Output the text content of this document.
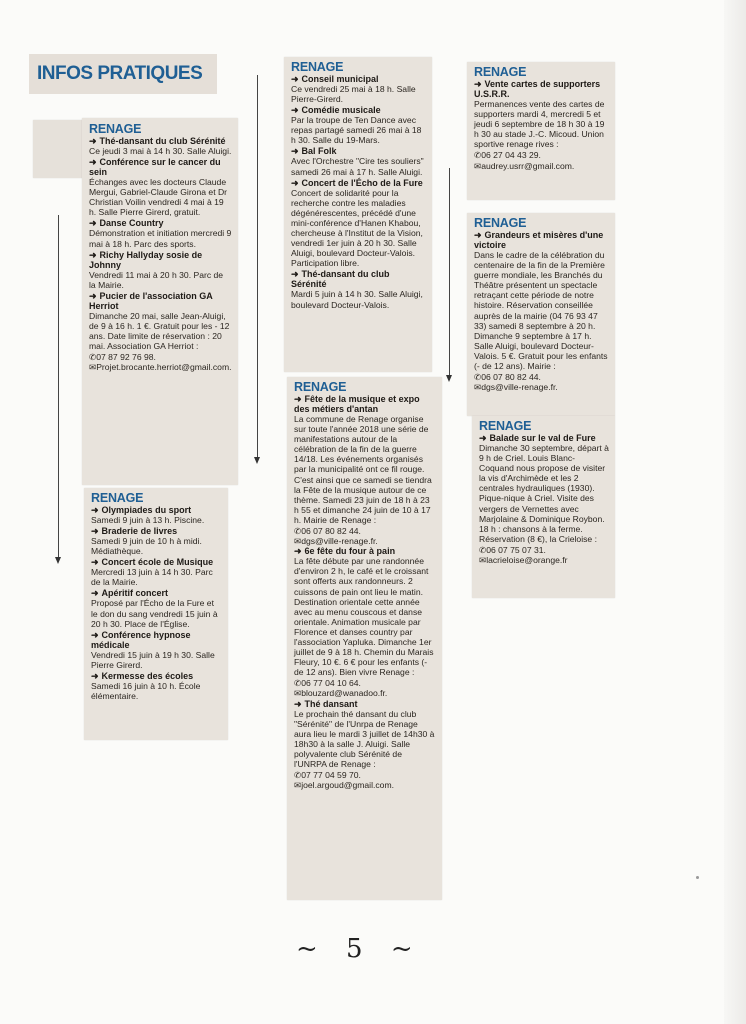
INFOS PRATIQUES
RENAGE
➜ Thé-dansant du club Sérénité
Ce jeudi 3 mai à 14 h 30. Salle Aluigi.
➜ Conférence sur le cancer du sein
Échanges avec les docteurs Claude Mergui, Gabriel-Claude Girona et Dr Christian Voilin vendredi 4 mai à 19 h. Salle Pierre Girerd, gratuit.
➜ Danse Country
Démonstration et initiation mercredi 9 mai à 18 h. Parc des sports.
➜ Richy Hallyday sosie de Johnny
Vendredi 11 mai à 20 h 30. Parc de la Mairie.
➜ Pucier de l'association GA Herriot
Dimanche 20 mai, salle Jean-Aluigi, de 9 à 16 h. 1 €. Gratuit pour les - 12 ans. Date limite de réservation : 20 mai. Association GA Herriot :
✆07 87 92 76 98.
✉Projet.brocante.herriot@gmail.com.
RENAGE
➜ Olympiades du sport
Samedi 9 juin à 13 h. Piscine.
➜ Braderie de livres
Samedi 9 juin de 10 h à midi. Médiathèque.
➜ Concert école de Musique
Mercredi 13 juin à 14 h 30. Parc de la Mairie.
➜ Apéritif concert
Proposé par l'Écho de la Fure et le don du sang vendredi 15 juin à 20 h 30. Place de l'Église.
➜ Conférence hypnose médicale
Vendredi 15 juin à 19 h 30. Salle Pierre Girerd.
➜ Kermesse des écoles
Samedi 16 juin à 10 h. École élémentaire.
RENAGE
➜ Conseil municipal
Ce vendredi 25 mai à 18 h. Salle Pierre-Girerd.
➜ Comédie musicale
Par la troupe de Ten Dance avec repas partagé samedi 26 mai à 18 h 30. Salle du 19-Mars.
➜ Bal Folk
Avec l'Orchestre "Cire tes souliers" samedi 26 mai à 17 h. Salle Aluigi.
➜ Concert de l'Écho de la Fure
Concert de solidarité pour la recherche contre les maladies dégénérescentes, précédé d'une mini-conférence d'Hanen Khabou, chercheuse à l'Institut de la Vision, vendredi 1er juin à 20 h 30. Salle Aluigi, boulevard Docteur-Valois. Participation libre.
➜ Thé-dansant du club Sérénité
Mardi 5 juin à 14 h 30. Salle Aluigi, boulevard Docteur-Valois.
RENAGE
➜ Fête de la musique et expo des métiers d'antan
La commune de Renage organise sur toute l'année 2018 une série de manifestations autour de la célébration de la fin de la guerre 14/18. Les événements organisés par la municipalité ont ce fil rouge. C'est ainsi que ce samedi se tiendra la Fête de la musique autour de ce thème. Samedi 23 juin de 18 h à 23 h 55 et dimanche 24 juin de 10 à 17 h. Mairie de Renage :
✆06 07 80 82 44.
✉dgs@ville-renage.fr.
➜ 6e fête du four à pain
La fête débute par une randonnée d'environ 2 h, le café et le croissant sont offerts aux randonneurs. 2 cuissons de pain ont lieu le matin. Destination orientale cette année avec au menu couscous et danse orientale. Animation musicale par Florence et danses country par l'association Yapluka. Dimanche 1er juillet de 9 à 18 h. Chemin du Marais Fleury, 10 €. 6 € pour les enfants (- de 12 ans). Bien vivre Renage :
✆06 77 04 10 64.
✉blouzard@wanadoo.fr.
➜ Thé dansant
Le prochain thé dansant du club "Sérénité" de l'Unrpa de Renage aura lieu le mardi 3 juillet de 14h30 à 18h30 à la salle J. Aluigi. Salle polyvalente club Sérénité de l'UNRPA de Renage :
✆07 77 04 59 70.
✉joel.argoud@gmail.com.
RENAGE
➜ Vente cartes de supporters U.S.R.R.
Permanences vente des cartes de supporters mardi 4, mercredi 5 et jeudi 6 septembre de 18 h 30 à 19 h 30 au stade J.-C. Micoud. Union sportive renage rives :
✆06 27 04 43 29.
✉audrey.usrr@gmail.com.
RENAGE
➜ Grandeurs et misères d'une victoire
Dans le cadre de la célébration du centenaire de la fin de la Première guerre mondiale, les Branchés du Théâtre présentent un spectacle retraçant cette période de notre histoire. Réservation conseillée auprès de la mairie (04 76 93 47 33) samedi 8 septembre à 20 h. Dimanche 9 septembre à 17 h. Salle Aluigi, boulevard Docteur-Valois. 5 €. Gratuit pour les enfants (- de 12 ans). Mairie :
✆06 07 80 82 44.
✉dgs@ville-renage.fr.
RENAGE
➜ Balade sur le val de Fure
Dimanche 30 septembre, départ à 9 h de Criel. Louis Blanc-Coquand nous propose de visiter la vis d'Archimède et les 2 centrales hydrauliques (1930). Pique-nique à Criel. Visite des vergers de Vernettes avec Marjolaine & Dominique Roybon. 18 h : chansons à la ferme. Réservation (8 €), la Crieloise :
✆06 07 75 07 31.
✉lacrieloise@orange.fr
~ 5 ~
